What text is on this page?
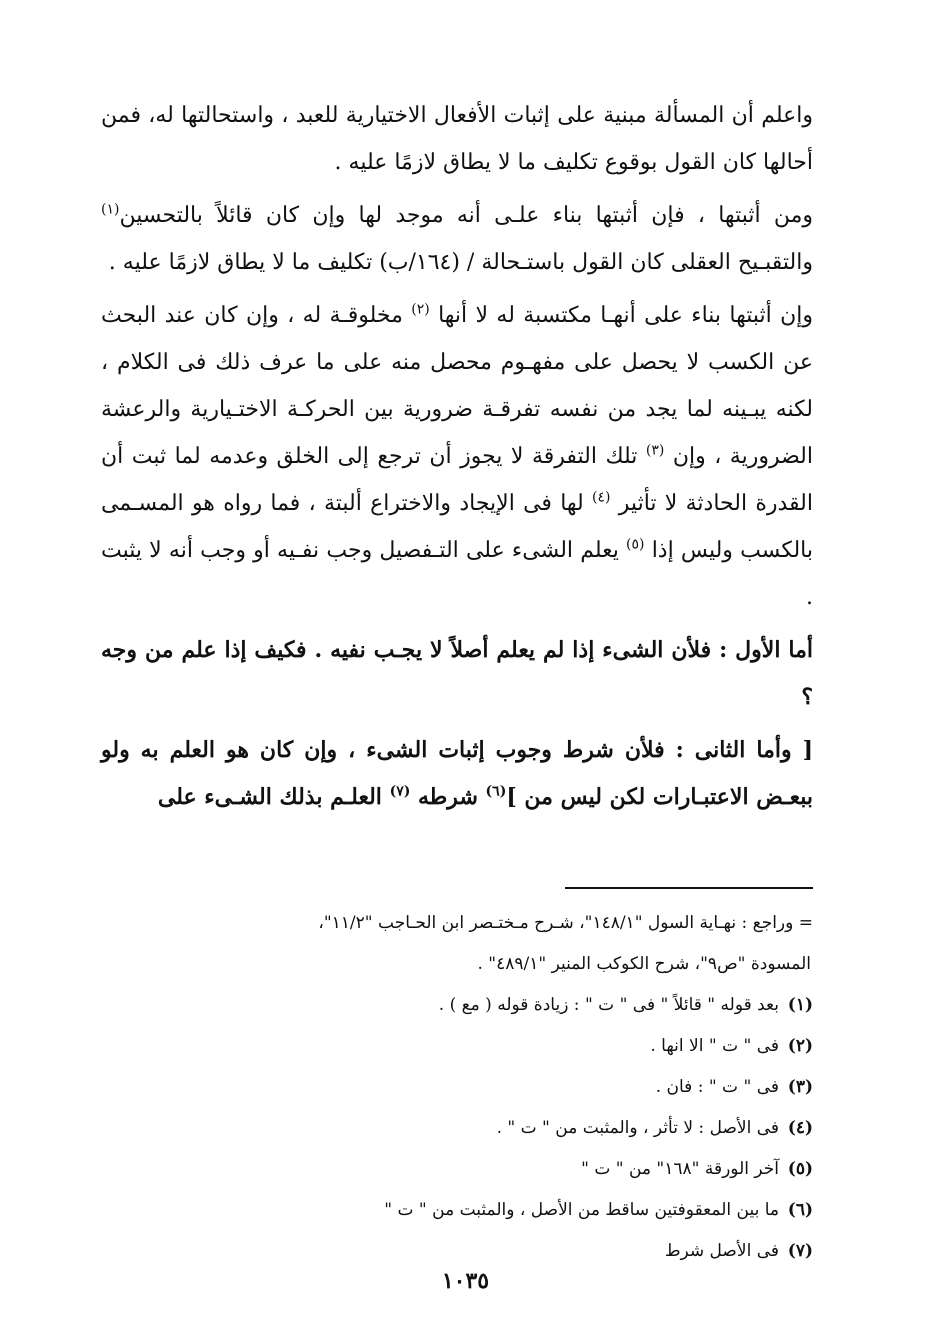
واعلم أن المسألة مبنية على إثبات الأفعال الاختيارية للعبد ، واستحالتها له، فمن أحالها كان القول بوقوع تكليف ما لا يطاق لازمًا عليه .

ومن أثبتها ، فإن أثبتها بناء علـى أنه موجد لها وإن كان قائلاً بالتحسين$^{(١)}$ والتقبـيح العقلى كان القول باستـحالة / (١٦٤/ب) تكليف ما لا يطاق لازمًا عليه .

وإن أثبتها بناء على أنهـا مكتسبة له لا أنها $^{(٢)}$ مخلوقـة له ، وإن كان عند البحث عن الكسب لا يحصل على مفهـوم محصل منه على ما عرف ذلك فى الكلام ، لكنه يبـينه لما يجد من نفسه تفرقـة ضرورية بين الحركـة الاختـيارية والرعشة الضرورية ، وإن $^{(٣)}$ تلك التفرقة لا يجوز أن ترجع إلى الخلق وعدمه لما ثبت أن القدرة الحادثة لا تأثير $^{(٤)}$ لها فى الإيجاد والاختراع ألبتة ، فما رواه هو المسـمى بالكسب وليس إذا $^{(٥)}$ يعلم الشىء على التـفصيل وجب نفـيه أو وجب أنه لا يثبت .

أما الأول : فلأن الشىء إذا لم يعلم أصلاً لا يجـب نفيه . فكيف إذا علم من وجه ؟

[ وأما الثانى : فلأن شرط وجوب إثبات الشىء ، وإن كان هو العلم به ولو ببعـض الاعتبـارات لكن ليس من ]$^{(٦)}$ شرطه $^{(٧)}$ العلـم بذلك الشـىء على

= وراجع : نهـاية السول "١٤٨/١"، شـرح مـختـصر ابن الحـاجب "١١/٢"،
المسودة "ص٩"، شرح الكوكب المنير "٤٨٩/١" .
(١)بعد قوله " قائلاً " فى " ت " : زيادة قوله ( مع ) .
(٢)فى " ت " الا انها .
(٣)فى " ت " : فان .
(٤)فى الأصل : لا تأثر ، والمثبت من " ت " .
(٥)آخر الورقة "١٦٨" من " ت "
(٦)ما بين المعقوفتين ساقط من الأصل ، والمثبت من " ت "
(٧)فى الأصل شرط
١٠٣٥
